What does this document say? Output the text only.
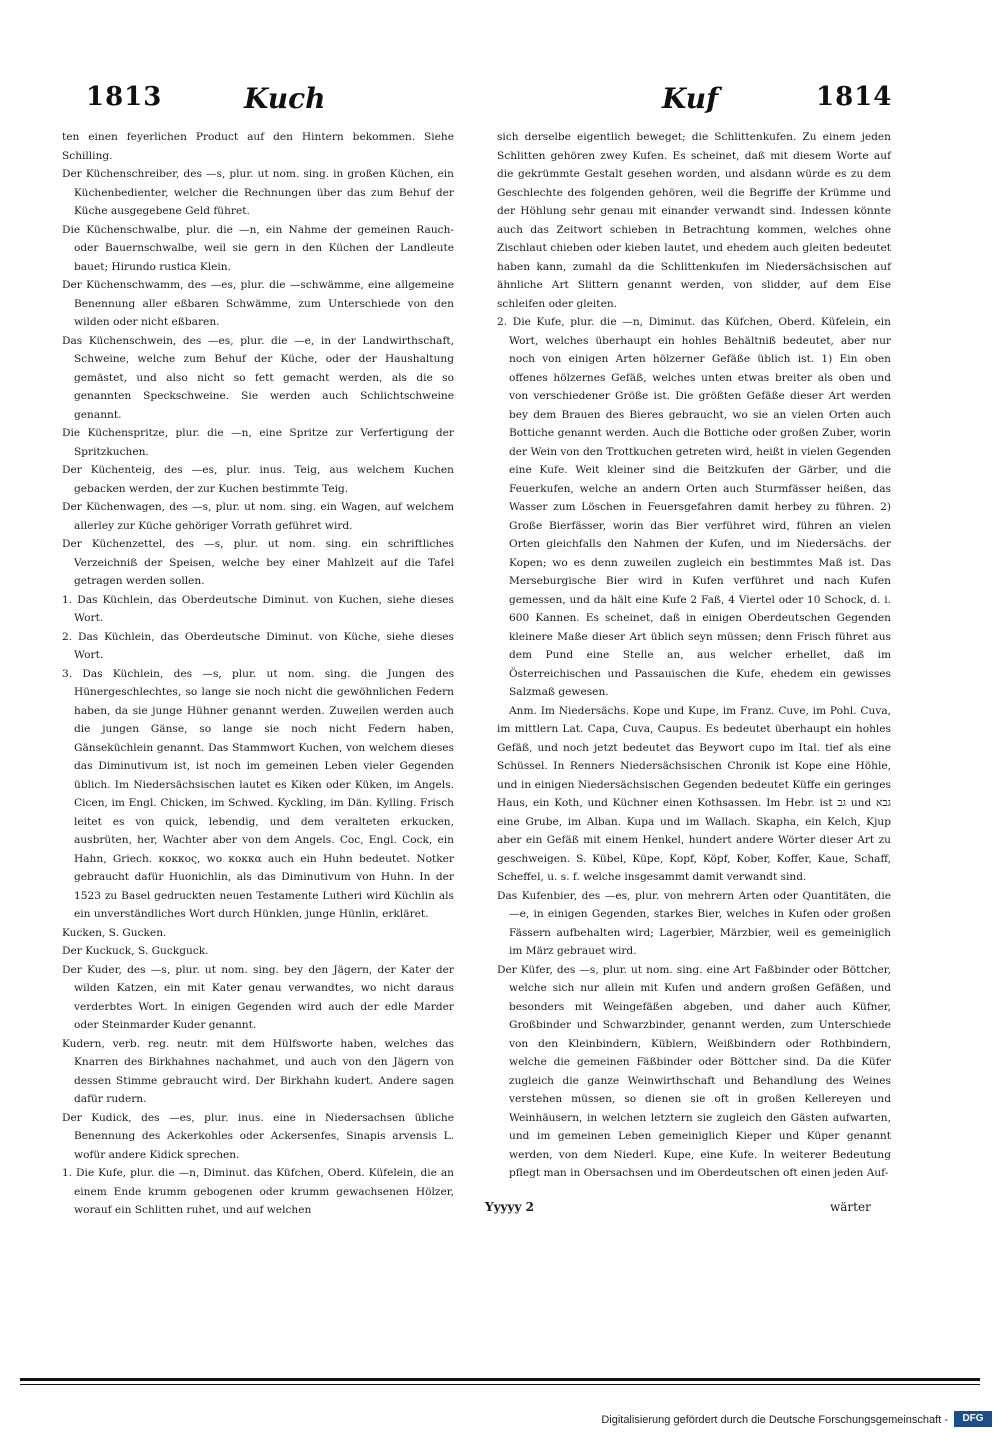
1813	Kuch	Kuf	1814

ten einen feyerlichen Product auf den Hintern bekommen. Siehe Schilling.

Der Küchenschreiber, des —s, plur. ut nom. sing. in großen Küchen, ein Küchenbedienter, welcher die Rechnungen über das zum Behuf der Küche ausgegebene Geld führet.

Die Küchenschwalbe, plur. die —n, ein Nahme der gemeinen Rauch- oder Bauernschwalbe, weil sie gern in den Küchen der Landleute bauet; Hirundo rustica Klein.

Der Küchenschwamm, des —es, plur. die —schwämme, eine allgemeine Benennung aller eßbaren Schwämme, zum Unterschiede von den wilden oder nicht eßbaren.

Das Küchenschwein, des —es, plur. die —e, in der Landwirthschaft, Schweine, welche zum Behuf der Küche, oder der Haushaltung gemästet, und also nicht so fett gemacht werden, als die so genannten Speckschweine. Sie werden auch Schlichtschweine genannt.

Die Küchenspritze, plur. die —n, eine Spritze zur Verfertigung der Spritzkuchen.

Der Küchenteig, des —es, plur. inus. Teig, aus welchem Kuchen gebacken werden, der zur Kuchen bestimmte Teig.

Der Küchenwagen, des —s, plur. ut nom. sing. ein Wagen, auf welchem allerley zur Küche gehöriger Vorrath geführet wird.

Der Küchenzettel, des —s, plur. ut nom. sing. ein schriftliches Verzeichniß der Speisen, welche bey einer Mahlzeit auf die Tafel getragen werden sollen.

1. Das Küchlein, das Oberdeutsche Diminut. von Kuchen, siehe dieses Wort.

2. Das Küchlein, das Oberdeutsche Diminut. von Küche, siehe dieses Wort.

3. Das Küchlein, des —s, plur. ut nom. sing. die Jungen des Hünergeschlechtes, so lange sie noch nicht die gewöhnlichen Federn haben, da sie junge Hühner genannt werden. Zuweilen werden auch die jungen Gänse, so lange sie noch nicht Federn haben, Gänseküchlein genannt. Das Stammwort Kuchen, von welchem dieses das Diminutivum ist, ist noch im gemeinen Leben vieler Gegenden üblich. Im Niedersächsischen lautet es Kiken oder Küken, im Angels. Cicen, im Engl. Chicken, im Schwed. Kyckling, im Dän. Kylling. Frisch leitet es von quick, lebendig, und dem veralteten erkucken, ausbrüten, her, Wachter aber von dem Angels. Coc, Engl. Cock, ein Hahn, Griech. κοκκος, wo κοκκα auch ein Huhn bedeutet. Notker gebraucht dafür Huonichlin, als das Diminutivum von Huhn. In der 1523 zu Basel gedruckten neuen Testamente Lutheri wird Küchlin als ein unverständliches Wort durch Hünklen, junge Hünlin, erkläret.

Kucken, S. Gucken.

Der Kuckuck, S. Guckguck.

Der Kuder, des —s, plur. ut nom. sing. bey den Jägern, der Kater der wilden Katzen, ein mit Kater genau verwandtes, wo nicht daraus verderbtes Wort. In einigen Gegenden wird auch der edle Marder oder Steinmarder Kuder genannt.

Kudern, verb. reg. neutr. mit dem Hülfsworte haben, welches das Knarren des Birkhahnes nachahmet, und auch von den Jägern von dessen Stimme gebraucht wird. Der Birkhahn kudert. Andere sagen dafür rudern.

Der Kudick, des —es, plur. inus. eine in Niedersachsen übliche Benennung des Ackerkohles oder Ackersenfes, Sinapis arvensis L. wofür andere Kidick sprechen.

1. Die Kufe, plur. die —n, Diminut. das Küfchen, Oberd. Küfelein, die an einem Ende krumm gebogenen oder krumm gewachsenen Hölzer, worauf ein Schlitten ruhet, und auf welchen

sich derselbe eigentlich beweget; die Schlittenkufen. Zu einem jeden Schlitten gehören zwey Kufen. Es scheinet, daß mit diesem Worte auf die gekrümmte Gestalt gesehen worden, und alsdann würde es zu dem Geschlechte des folgenden gehören, weil die Begriffe der Krümme und der Höhlung sehr genau mit einander verwandt sind. Indessen könnte auch das Zeitwort schieben in Betrachtung kommen, welches ohne Zischlaut chieben oder kieben lautet, und ehedem auch gleiten bedeutet haben kann, zumahl da die Schlittenkufen im Niedersächsischen auf ähnliche Art Slittern genannt werden, von slidder, auf dem Eise schleifen oder gleiten.

2. Die Kufe, plur. die —n, Diminut. das Küfchen, Oberd. Küfelein, ein Wort, welches überhaupt ein hohles Behältniß bedeutet, aber nur noch von einigen Arten hölzerner Gefäße üblich ist. 1) Ein oben offenes hölzernes Gefäß, welches unten etwas breiter als oben und von verschiedener Größe ist. Die größten Gefäße dieser Art werden bey dem Brauen des Bieres gebraucht, wo sie an vielen Orten auch Bottiche genannt werden. Auch die Bottiche oder großen Zuber, worin der Wein von den Trottkuchen getreten wird, heißt in vielen Gegenden eine Kufe. Weit kleiner sind die Beitzkufen der Gärber, und die Feuerkufen, welche an andern Orten auch Sturmfässer heißen, das Wasser zum Löschen in Feuersgefahren damit herbey zu führen. 2) Große Bierfässer, worin das Bier verführet wird, führen an vielen Orten gleichfalls den Nahmen der Kufen, und im Niedersächs. der Kopen; wo es denn zuweilen zugleich ein bestimmtes Maß ist. Das Merseburgische Bier wird in Kufen verführet und nach Kufen gemessen, und da hält eine Kufe 2 Faß, 4 Viertel oder 10 Schock, d. i. 600 Kannen. Es scheinet, daß in einigen Oberdeutschen Gegenden kleinere Maße dieser Art üblich seyn müssen; denn Frisch führet aus dem Pund eine Stelle an, aus welcher erhellet, daß im Österreichischen und Passauischen die Kufe, ehedem ein gewisses Salzmaß gewesen.

Anm. Im Niedersächs. Kope und Kupe, im Franz. Cuve, im Pohl. Cuva, im mittlern Lat. Capa, Cuva, Caupus. Es bedeutet überhaupt ein hohles Gefäß, und noch jetzt bedeutet das Beywort cupo im Ital. tief als eine Schüssel. In Renners Niedersächsischen Chronik ist Kope eine Höhle, und in einigen Niedersächsischen Gegenden bedeutet Küffe ein geringes Haus, ein Koth, und Küchner einen Kothsassen. Im Hebr. ist גב und גבא eine Grube, im Alban. Kupa und im Wallach. Skapha, ein Kelch, Kjup aber ein Gefäß mit einem Henkel, hundert andere Wörter dieser Art zu geschweigen. S. Kübel, Küpe, Kopf, Köpf, Kober, Koffer, Kaue, Schaff, Scheffel, u. s. f. welche insgesammt damit verwandt sind.

Das Kufenbier, des —es, plur. von mehrern Arten oder Quantitäten, die —e, in einigen Gegenden, starkes Bier, welches in Kufen oder großen Fässern aufbehalten wird; Lagerbier, Märzbier, weil es gemeiniglich im März gebrauet wird.

Der Küfer, des —s, plur. ut nom. sing. eine Art Faßbinder oder Böttcher, welche sich nur allein mit Kufen und andern großen Gefäßen, und besonders mit Weingefäßen abgeben, und daher auch Küfner, Großbinder und Schwarzbinder, genannt werden, zum Unterschiede von den Kleinbindern, Küblern, Weißbindern oder Rothbindern, welche die gemeinen Fäßbinder oder Böttcher sind. Da die Küfer zugleich die ganze Weinwirthschaft und Behandlung des Weines verstehen müssen, so dienen sie oft in großen Kellereyen und Weinhäusern, in welchen letztern sie zugleich den Gästen aufwarten, und im gemeinen Leben gemeiniglich Kieper und Küper genannt werden, von dem Niederl. Kupe, eine Kufe. In weiterer Bedeutung pflegt man in Obersachsen und im Oberdeutschen oft einen jeden Auf-

Yyyyy 2	wärter
Digitalisierung gefördert durch die Deutsche Forschungsgemeinschaft -	DFG
